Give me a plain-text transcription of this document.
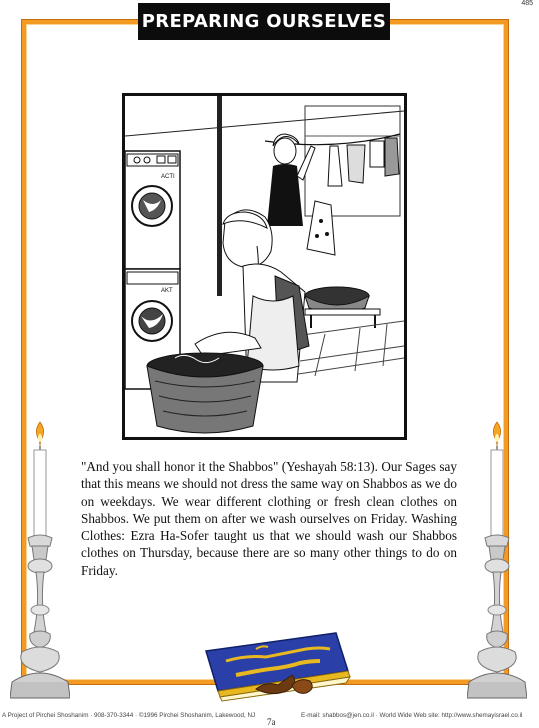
485
PREPARING OURSELVES
ACTI
AKT
"And you shall honor it the Shabbos" (Yeshayah 58:13). Our Sages say that this means we should not dress the same way on Shabbos as we do on weekdays. We wear different clothing or fresh clean clothes on Shabbos. We put them on after we wash ourselves on Friday. Washing Clothes: Ezra Ha-Sofer taught us that we should wash our Shabbos clothes on Thursday, because there are so many other things to do on Friday.
A Project of Pirchei Shoshanim · 908-370-3344 · ©1996 Pirchei Shoshanim, Lakewood, NJ	E-mail: shabbos@jen.co.il · World Wide Web site: http://www.shemayisrael.co.il
7a
